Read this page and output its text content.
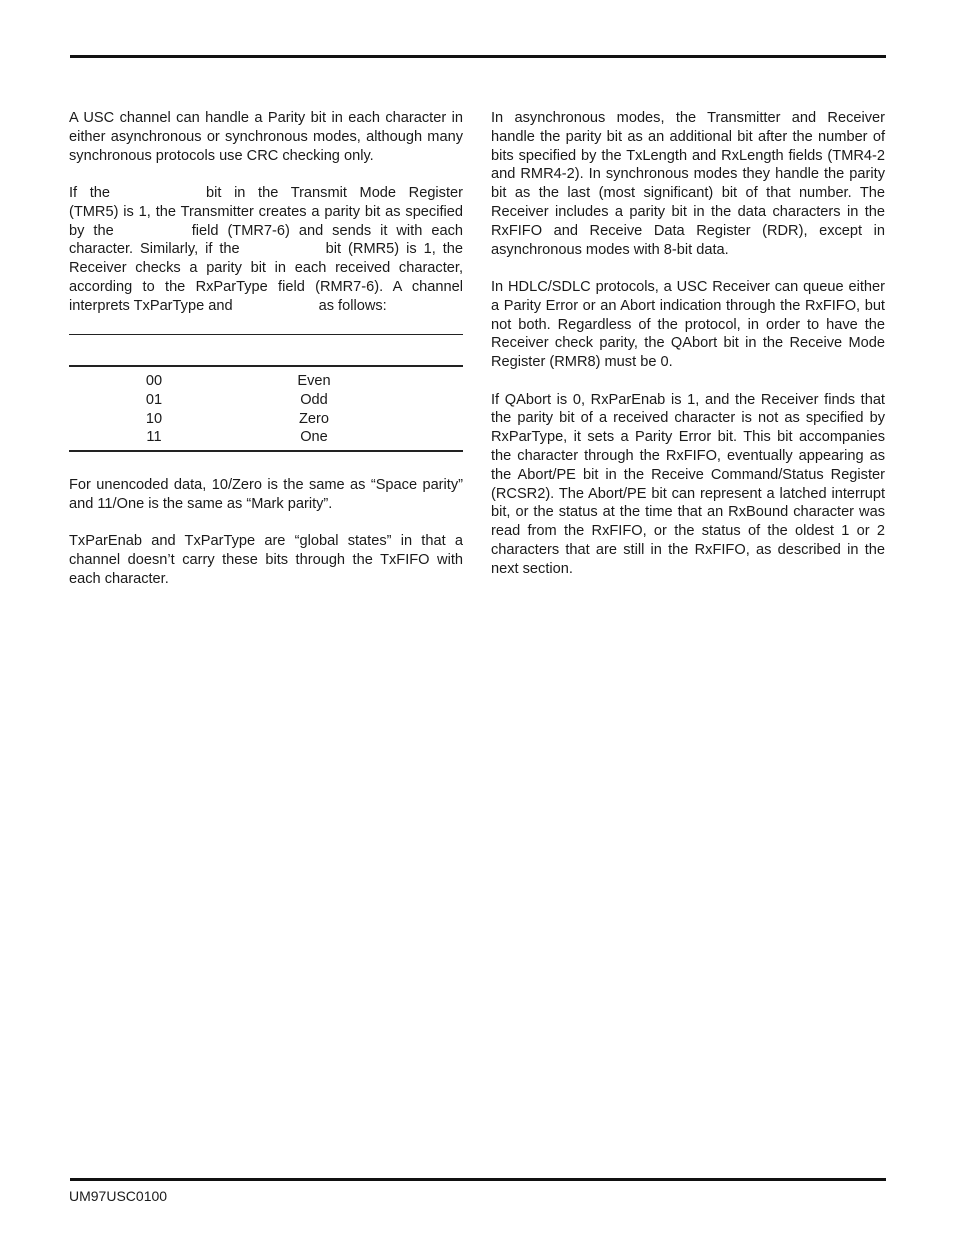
A USC channel can handle a Parity bit in each character in either asynchronous or synchronous modes, although many synchronous protocols use CRC checking only.

If the	bit in the Transmit Mode Register (TMR5) is 1, the Transmitter creates a parity bit as specified by the	field (TMR7-6) and sends it with each character. Similarly, if the	bit (RMR5) is 1, the Receiver checks a parity bit in each received character, according to the RxParType field (RMR7-6). A channel interprets TxParType and	as follows:

00	Even
01	Odd
10	Zero
11	One

For unencoded data, 10/Zero is the same as “Space parity” and 11/One is the same as “Mark parity”.

TxParEnab and TxParType are “global states” in that a channel doesn’t carry these bits through the TxFIFO with each character.

In asynchronous modes, the Transmitter and Receiver handle the parity bit as an additional bit after the number of bits specified by the TxLength and RxLength fields (TMR4-2 and RMR4-2). In synchronous modes they handle the parity bit as the last (most significant) bit of that number. The Receiver includes a parity bit in the data characters in the RxFIFO and Receive Data Register (RDR), except in asynchronous modes with 8-bit data.

In HDLC/SDLC protocols, a USC Receiver can queue either a Parity Error or an Abort indication through the RxFIFO, but not both. Regardless of the protocol, in order to have the Receiver check parity, the QAbort bit in the Receive Mode Register (RMR8) must be 0.

If QAbort is 0, RxParEnab is 1, and the Receiver finds that the parity bit of a received character is not as specified by RxParType, it sets a Parity Error bit. This bit accompanies the character through the RxFIFO, eventually appearing as the Abort/PE bit in the Receive Command/Status Register (RCSR2). The Abort/PE bit can represent a latched interrupt bit, or the status at the time that an RxBound character was read from the RxFIFO, or the status of the oldest 1 or 2 characters that are still in the RxFIFO, as described in the next section.

UM97USC0100
